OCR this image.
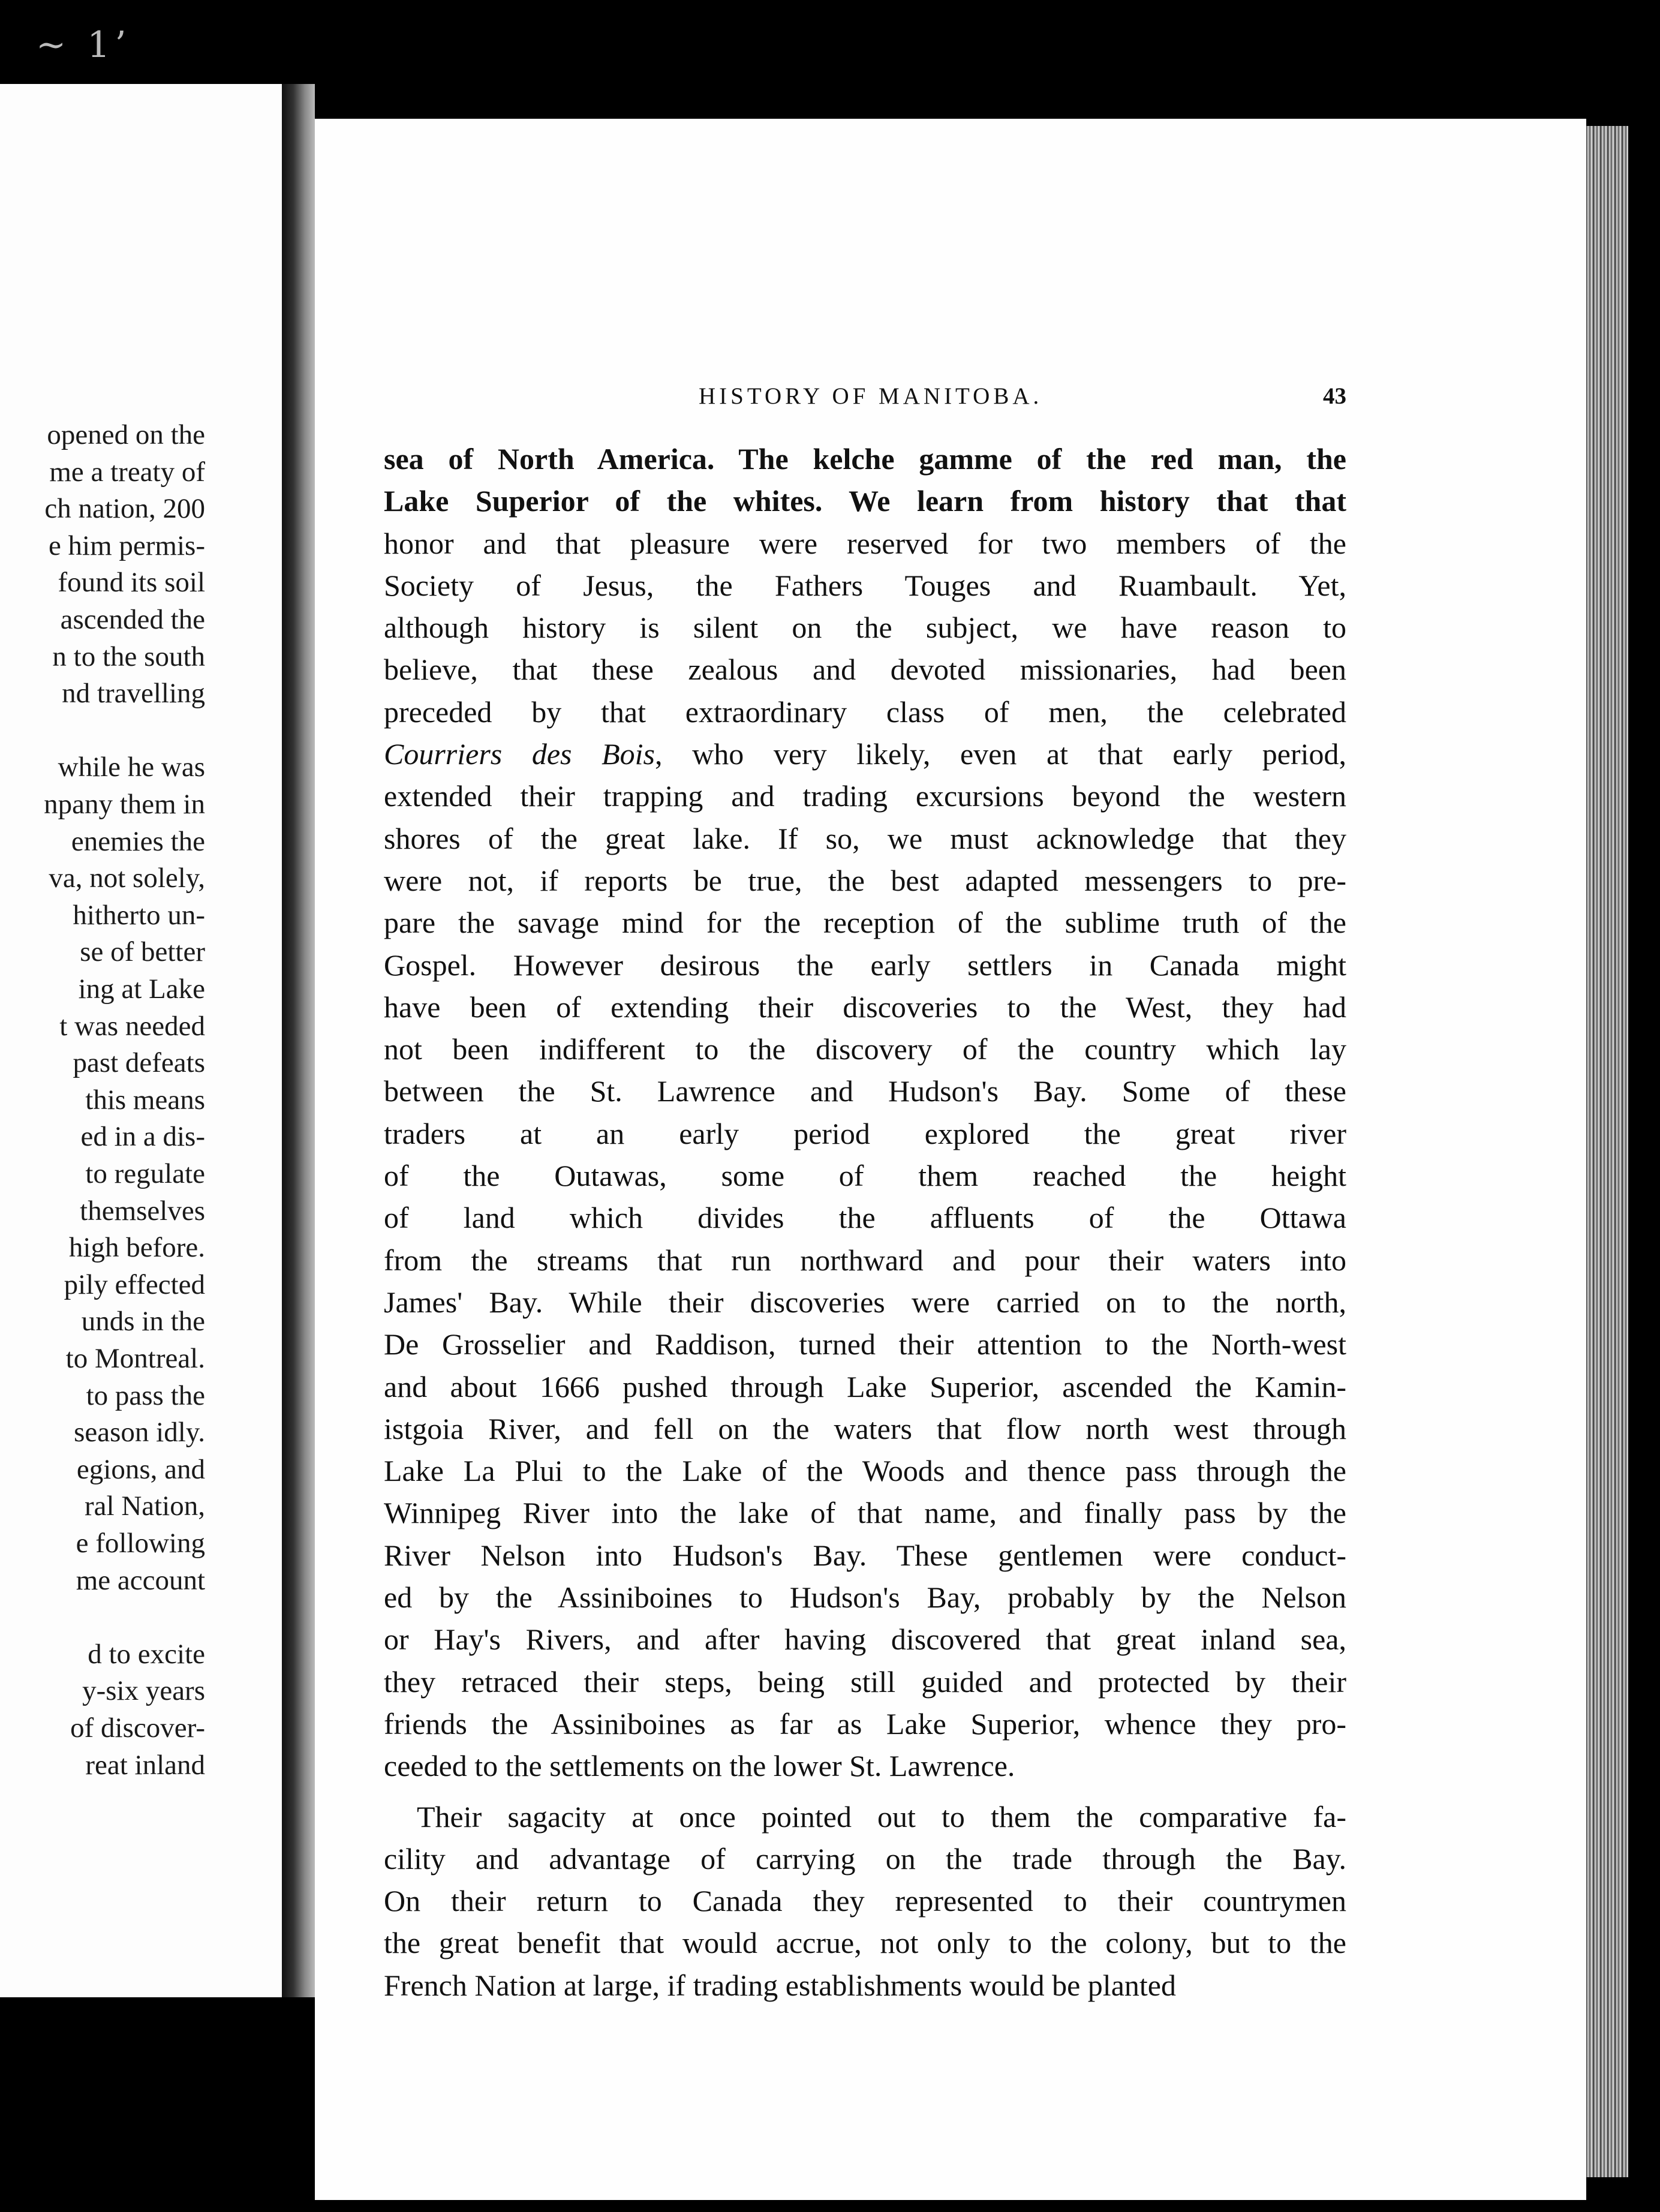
~ 1’
opened on the
me a treaty of
ch nation, 200
e him permis-
found its soil
ascended the
n to the south
nd travelling
while he was
npany them in
enemies the
va, not solely,
hitherto un-
se of better
ing at Lake
t was needed
past defeats
this means
ed in a dis-
to regulate
themselves
high before.
pily effected
unds in the
to Montreal.
to pass the
season idly.
egions, and
ral Nation,
e following
me account
d to excite
y-six years
of discover-
reat inland
HISTORY OF MANITOBA.	43
sea of North America. The kelche gamme of the red man, the
Lake Superior of the whites. We learn from history that that
honor and that pleasure were reserved for two members of the
Society of Jesus, the Fathers Touges and Ruambault. Yet,
although history is silent on the subject, we have reason to
believe, that these zealous and devoted missionaries, had been
preceded by that extraordinary class of men, the celebrated
Courriers des Bois, who very likely, even at that early period,
extended their trapping and trading excursions beyond the western
shores of the great lake. If so, we must acknowledge that they
were not, if reports be true, the best adapted messengers to pre-
pare the savage mind for the reception of the sublime truth of the
Gospel. However desirous the early settlers in Canada might
have been of extending their discoveries to the West, they had
not been indifferent to the discovery of the country which lay
between the St. Lawrence and Hudson's Bay. Some of these
traders at an early period explored the great river
of the Outawas, some of them reached the height
of land which divides the affluents of the Ottawa
from the streams that run northward and pour their waters into
James' Bay. While their discoveries were carried on to the north,
De Grosselier and Raddison, turned their attention to the North-west
and about 1666 pushed through Lake Superior, ascended the Kamin-
istgoia River, and fell on the waters that flow north west through
Lake La Plui to the Lake of the Woods and thence pass through the
Winnipeg River into the lake of that name, and finally pass by the
River Nelson into Hudson's Bay. These gentlemen were conduct-
ed by the Assiniboines to Hudson's Bay, probably by the Nelson
or Hay's Rivers, and after having discovered that great inland sea,
they retraced their steps, being still guided and protected by their
friends the Assiniboines as far as Lake Superior, whence they pro-
ceeded to the settlements on the lower St. Lawrence.
Their sagacity at once pointed out to them the comparative fa-
cility and advantage of carrying on the trade through the Bay.
On their return to Canada they represented to their countrymen
the great benefit that would accrue, not only to the colony, but to the
French Nation at large, if trading establishments would be planted
